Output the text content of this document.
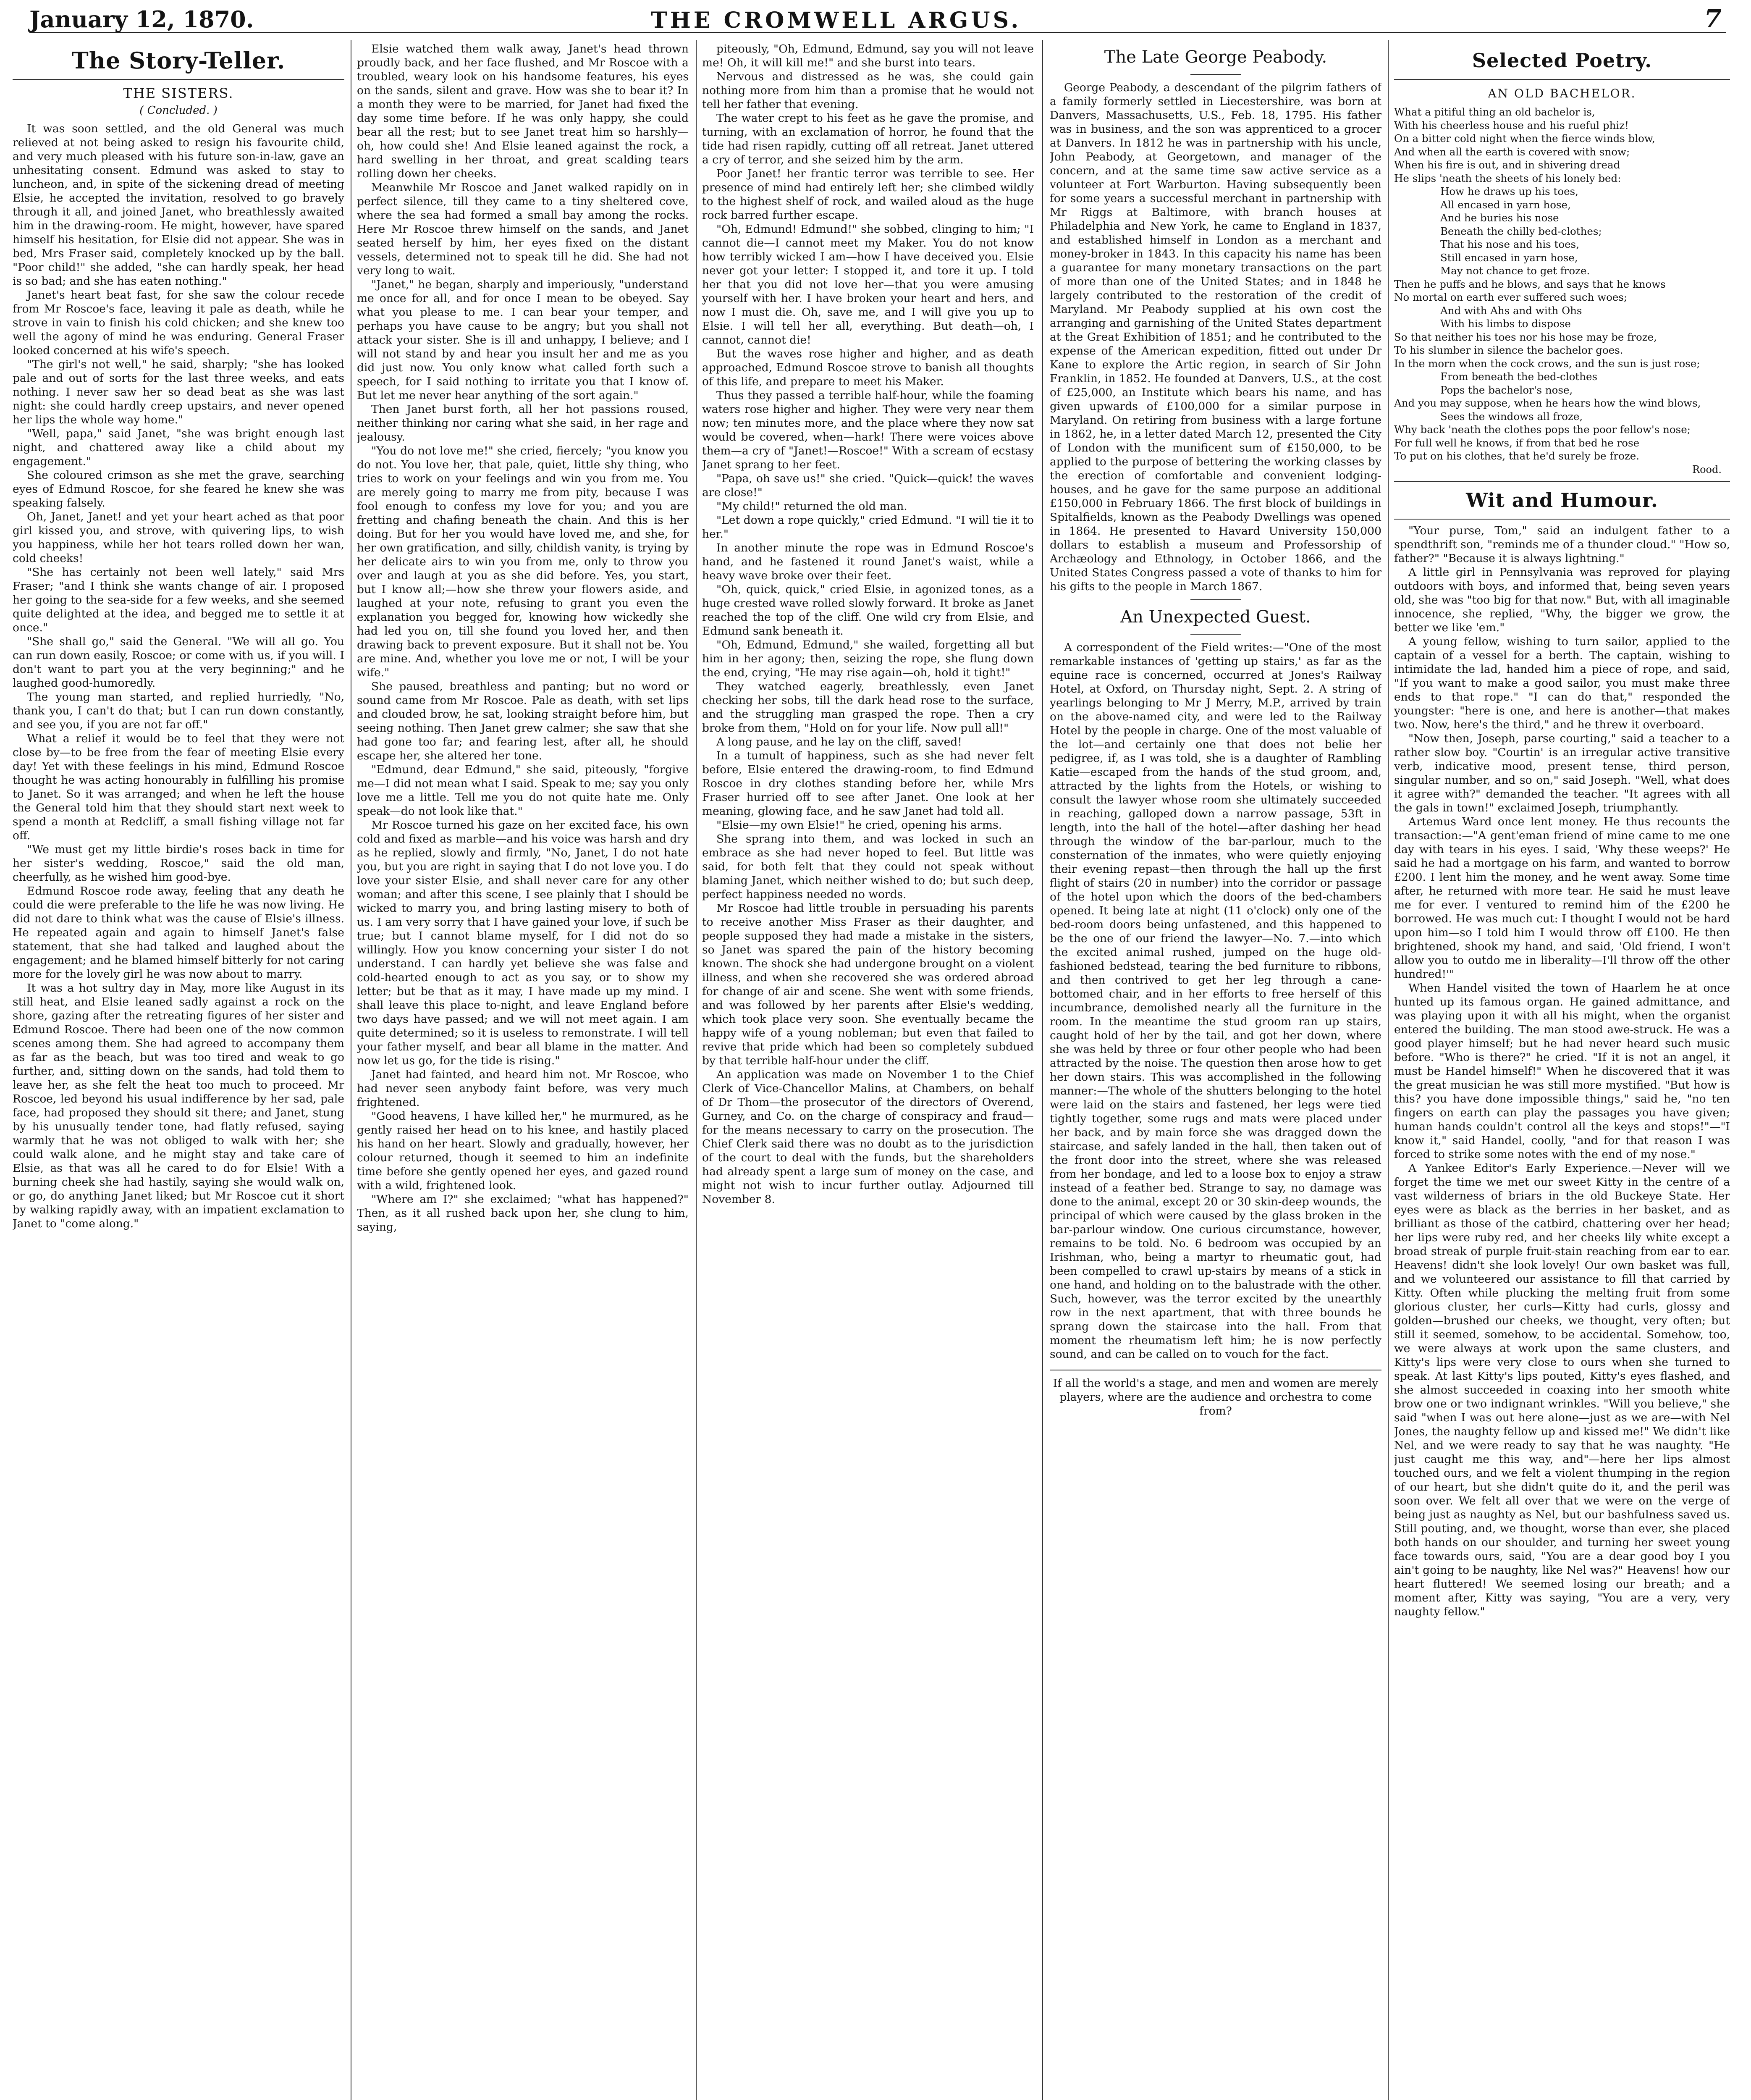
January 12, 1870.	THE CROMWELL ARGUS.	7
The Story-Teller.
THE SISTERS.
( Concluded. )

It was soon settled, and the old General was much relieved at not being asked to resign his favourite child, and very much pleased with his future son-in-law, gave an unhesitating consent. Edmund was asked to stay to luncheon, and, in spite of the sickening dread of meeting Elsie, he accepted the invitation, resolved to go bravely through it all, and joined Janet, who breathlessly awaited him in the drawing-room. He might, however, have spared himself his hesitation, for Elsie did not appear. She was in bed, Mrs Fraser said, completely knocked up by the ball. "Poor child!" she added, "she can hardly speak, her head is so bad; and she has eaten nothing."

Janet's heart beat fast, for she saw the colour recede from Mr Roscoe's face, leaving it pale as death, while he strove in vain to finish his cold chicken; and she knew too well the agony of mind he was enduring. General Fraser looked concerned at his wife's speech.

"The girl's not well," he said, sharply; "she has looked pale and out of sorts for the last three weeks, and eats nothing. I never saw her so dead beat as she was last night: she could hardly creep upstairs, and never opened her lips the whole way home."

"Well, papa," said Janet, "she was bright enough last night, and chattered away like a child about my engagement."

She coloured crimson as she met the grave, searching eyes of Edmund Roscoe, for she feared he knew she was speaking falsely.

Oh, Janet, Janet! and yet your heart ached as that poor girl kissed you, and strove, with quivering lips, to wish you happiness, while her hot tears rolled down her wan, cold cheeks!

"She has certainly not been well lately," said Mrs Fraser; "and I think she wants change of air. I proposed her going to the sea-side for a few weeks, and she seemed quite delighted at the idea, and begged me to settle it at once."

"She shall go," said the General. "We will all go. You can run down easily, Roscoe; or come with us, if you will. I don't want to part you at the very beginning;" and he laughed good-humoredly.

The young man started, and replied hurriedly, "No, thank you, I can't do that; but I can run down constantly, and see you, if you are not far off."

What a relief it would be to feel that they were not close by—to be free from the fear of meeting Elsie every day! Yet with these feelings in his mind, Edmund Roscoe thought he was acting honourably in fulfilling his promise to Janet. So it was arranged; and when he left the house the General told him that they should start next week to spend a month at Redcliff, a small fishing village not far off.

"We must get my little birdie's roses back in time for her sister's wedding, Roscoe," said the old man, cheerfully, as he wished him good-bye.

Edmund Roscoe rode away, feeling that any death he could die were preferable to the life he was now living. He did not dare to think what was the cause of Elsie's illness. He repeated again and again to himself Janet's false statement, that she had talked and laughed about the engagement; and he blamed himself bitterly for not caring more for the lovely girl he was now about to marry.

It was a hot sultry day in May, more like August in its still heat, and Elsie leaned sadly against a rock on the shore, gazing after the retreating figures of her sister and Edmund Roscoe. There had been one of the now common scenes among them. She had agreed to accompany them as far as the beach, but was too tired and weak to go further, and, sitting down on the sands, had told them to leave her, as she felt the heat too much to proceed. Mr Roscoe, led beyond his usual indifference by her sad, pale face, had proposed they should sit there; and Janet, stung by his unusually tender tone, had flatly refused, saying warmly that he was not obliged to walk with her; she could walk alone, and he might stay and take care of Elsie, as that was all he cared to do for Elsie! With a burning cheek she had hastily, saying she would walk on, or go, do anything Janet liked; but Mr Roscoe cut it short by walking rapidly away, with an impatient exclamation to Janet to "come along."

Elsie watched them walk away, Janet's head thrown proudly back, and her face flushed, and Mr Roscoe with a troubled, weary look on his handsome features, his eyes on the sands, silent and grave. How was she to bear it? In a month they were to be married, for Janet had fixed the day some time before. If he was only happy, she could bear all the rest; but to see Janet treat him so harshly—oh, how could she! And Elsie leaned against the rock, a hard swelling in her throat, and great scalding tears rolling down her cheeks.

Meanwhile Mr Roscoe and Janet walked rapidly on in perfect silence, till they came to a tiny sheltered cove, where the sea had formed a small bay among the rocks. Here Mr Roscoe threw himself on the sands, and Janet seated herself by him, her eyes fixed on the distant vessels, determined not to speak till he did. She had not very long to wait.

"Janet," he began, sharply and imperiously, "understand me once for all, and for once I mean to be obeyed. Say what you please to me. I can bear your temper, and perhaps you have cause to be angry; but you shall not attack your sister. She is ill and unhappy, I believe; and I will not stand by and hear you insult her and me as you did just now. You only know what called forth such a speech, for I said nothing to irritate you that I know of. But let me never hear anything of the sort again."

Then Janet burst forth, all her hot passions roused, neither thinking nor caring what she said, in her rage and jealousy.

"You do not love me!" she cried, fiercely; "you know you do not. You love her, that pale, quiet, little shy thing, who tries to work on your feelings and win you from me. You are merely going to marry me from pity, because I was fool enough to confess my love for you; and you are fretting and chafing beneath the chain. And this is her doing. But for her you would have loved me, and she, for her own gratification, and silly, childish vanity, is trying by her delicate airs to win you from me, only to throw you over and laugh at you as she did before. Yes, you start, but I know all;—how she threw your flowers aside, and laughed at your note, refusing to grant you even the explanation you begged for, knowing how wickedly she had led you on, till she found you loved her, and then drawing back to prevent exposure. But it shall not be. You are mine. And, whether you love me or not, I will be your wife."

She paused, breathless and panting; but no word or sound came from Mr Roscoe. Pale as death, with set lips and clouded brow, he sat, looking straight before him, but seeing nothing. Then Janet grew calmer; she saw that she had gone too far; and fearing lest, after all, he should escape her, she altered her tone.

"Edmund, dear Edmund," she said, piteously, "forgive me—I did not mean what I said. Speak to me; say you only love me a little. Tell me you do not quite hate me. Only speak—do not look like that."

Mr Roscoe turned his gaze on her excited face, his own cold and fixed as marble—and his voice was harsh and dry as he replied, slowly and firmly, "No, Janet, I do not hate you, but you are right in saying that I do not love you. I do love your sister Elsie, and shall never care for any other woman; and after this scene, I see plainly that I should be wicked to marry you, and bring lasting misery to both of us. I am very sorry that I have gained your love, if such be true; but I cannot blame myself, for I did not do so willingly. How you know concerning your sister I do not understand. I can hardly yet believe she was false and cold-hearted enough to act as you say, or to show my letter; but be that as it may, I have made up my mind. I shall leave this place to-night, and leave England before two days have passed; and we will not meet again. I am quite determined; so it is useless to remonstrate. I will tell your father myself, and bear all blame in the matter. And now let us go, for the tide is rising."

Janet had fainted, and heard him not. Mr Roscoe, who had never seen anybody faint before, was very much frightened.

"Good heavens, I have killed her," he murmured, as he gently raised her head on to his knee, and hastily placed his hand on her heart. Slowly and gradually, however, her colour returned, though it seemed to him an indefinite time before she gently opened her eyes, and gazed round with a wild, frightened look.

"Where am I?" she exclaimed; "what has happened?" Then, as it all rushed back upon her, she clung to him, saying,

piteously, "Oh, Edmund, Edmund, say you will not leave me! Oh, it will kill me!" and she burst into tears.

Nervous and distressed as he was, she could gain nothing more from him than a promise that he would not tell her father that evening.

The water crept to his feet as he gave the promise, and turning, with an exclamation of horror, he found that the tide had risen rapidly, cutting off all retreat. Janet uttered a cry of terror, and she seized him by the arm.

Poor Janet! her frantic terror was terrible to see. Her presence of mind had entirely left her; she climbed wildly to the highest shelf of rock, and wailed aloud as the huge rock barred further escape.

"Oh, Edmund! Edmund!" she sobbed, clinging to him; "I cannot die—I cannot meet my Maker. You do not know how terribly wicked I am—how I have deceived you. Elsie never got your letter: I stopped it, and tore it up. I told her that you did not love her—that you were amusing yourself with her. I have broken your heart and hers, and now I must die. Oh, save me, and I will give you up to Elsie. I will tell her all, everything. But death—oh, I cannot, cannot die!

But the waves rose higher and higher, and as death approached, Edmund Roscoe strove to banish all thoughts of this life, and prepare to meet his Maker.

Thus they passed a terrible half-hour, while the foaming waters rose higher and higher. They were very near them now; ten minutes more, and the place where they now sat would be covered, when—hark! There were voices above them—a cry of "Janet!—Roscoe!" With a scream of ecstasy Janet sprang to her feet.

"Papa, oh save us!" she cried. "Quick—quick! the waves are close!"

"My child!" returned the old man.

"Let down a rope quickly," cried Edmund. "I will tie it to her."

In another minute the rope was in Edmund Roscoe's hand, and he fastened it round Janet's waist, while a heavy wave broke over their feet.

"Oh, quick, quick," cried Elsie, in agonized tones, as a huge crested wave rolled slowly forward. It broke as Janet reached the top of the cliff. One wild cry from Elsie, and Edmund sank beneath it.

"Oh, Edmund, Edmund," she wailed, forgetting all but him in her agony; then, seizing the rope, she flung down the end, crying, "He may rise again—oh, hold it tight!"

They watched eagerly, breathlessly, even Janet checking her sobs, till the dark head rose to the surface, and the struggling man grasped the rope. Then a cry broke from them, "Hold on for your life. Now pull all!"

A long pause, and he lay on the cliff, saved!

In a tumult of happiness, such as she had never felt before, Elsie entered the drawing-room, to find Edmund Roscoe in dry clothes standing before her, while Mrs Fraser hurried off to see after Janet. One look at her meaning, glowing face, and he saw Janet had told all.

"Elsie—my own Elsie!" he cried, opening his arms.

She sprang into them, and was locked in such an embrace as she had never hoped to feel. But little was said, for both felt that they could not speak without blaming Janet, which neither wished to do; but such deep, perfect happiness needed no words.

Mr Roscoe had little trouble in persuading his parents to receive another Miss Fraser as their daughter, and people supposed they had made a mistake in the sisters, so Janet was spared the pain of the history becoming known. The shock she had undergone brought on a violent illness, and when she recovered she was ordered abroad for change of air and scene. She went with some friends, and was followed by her parents after Elsie's wedding, which took place very soon. She eventually became the happy wife of a young nobleman; but even that failed to revive that pride which had been so completely subdued by that terrible half-hour under the cliff.

An application was made on November 1 to the Chief Clerk of Vice-Chancellor Malins, at Chambers, on behalf of Dr Thom—the prosecutor of the directors of Overend, Gurney, and Co. on the charge of conspiracy and fraud—for the means necessary to carry on the prosecution. The Chief Clerk said there was no doubt as to the jurisdiction of the court to deal with the funds, but the shareholders had already spent a large sum of money on the case, and might not wish to incur further outlay. Adjourned till November 8.

The Late George Peabody.

George Peabody, a descendant of the pilgrim fathers of a family formerly settled in Liecestershire, was born at Danvers, Massachusetts, U.S., Feb. 18, 1795. His father was in business, and the son was apprenticed to a grocer at Danvers. In 1812 he was in partnership with his uncle, John Peabody, at Georgetown, and manager of the concern, and at the same time saw active service as a volunteer at Fort Warburton. Having subsequently been for some years a successful merchant in partnership with Mr Riggs at Baltimore, with branch houses at Philadelphia and New York, he came to England in 1837, and established himself in London as a merchant and money-broker in 1843. In this capacity his name has been a guarantee for many monetary transactions on the part of more than one of the United States; and in 1848 he largely contributed to the restoration of the credit of Maryland. Mr Peabody supplied at his own cost the arranging and garnishing of the United States department at the Great Exhibition of 1851; and he contributed to the expense of the American expedition, fitted out under Dr Kane to explore the Artic region, in search of Sir John Franklin, in 1852. He founded at Danvers, U.S., at the cost of £25,000, an Institute which bears his name, and has given upwards of £100,000 for a similar purpose in Maryland. On retiring from business with a large fortune in 1862, he, in a letter dated March 12, presented the City of London with the munificent sum of £150,000, to be applied to the purpose of bettering the working classes by the erection of comfortable and convenient lodging-houses, and he gave for the same purpose an additional £150,000 in February 1866. The first block of buildings in Spitalfields, known as the Peabody Dwellings was opened in 1864. He presented to Havard University 150,000 dollars to establish a museum and Professorship of Archæology and Ethnology, in October 1866, and the United States Congress passed a vote of thanks to him for his gifts to the people in March 1867.

An Unexpected Guest.

A correspondent of the Field writes:—"One of the most remarkable instances of 'getting up stairs,' as far as the equine race is concerned, occurred at Jones's Railway Hotel, at Oxford, on Thursday night, Sept. 2. A string of yearlings belonging to Mr J Merry, M.P., arrived by train on the above-named city, and were led to the Railway Hotel by the people in charge. One of the most valuable of the lot—and certainly one that does not belie her pedigree, if, as I was told, she is a daughter of Rambling Katie—escaped from the hands of the stud groom, and, attracted by the lights from the Hotels, or wishing to consult the lawyer whose room she ultimately succeeded in reaching, galloped down a narrow passage, 53ft in length, into the hall of the hotel—after dashing her head through the window of the bar-parlour, much to the consternation of the inmates, who were quietly enjoying their evening repast—then through the hall up the first flight of stairs (20 in number) into the corridor or passage of the hotel upon which the doors of the bed-chambers opened. It being late at night (11 o'clock) only one of the bed-room doors being unfastened, and this happened to be the one of our friend the lawyer—No. 7.—into which the excited animal rushed, jumped on the huge old-fashioned bedstead, tearing the bed furniture to ribbons, and then contrived to get her leg through a cane-bottomed chair, and in her efforts to free herself of this incumbrance, demolished nearly all the furniture in the room. In the meantime the stud groom ran up stairs, caught hold of her by the tail, and got her down, where she was held by three or four other people who had been attracted by the noise. The question then arose how to get her down stairs. This was accomplished in the following manner:—The whole of the shutters belonging to the hotel were laid on the stairs and fastened, her legs were tied tightly together, some rugs and mats were placed under her back, and by main force she was dragged down the staircase, and safely landed in the hall, then taken out of the front door into the street, where she was released from her bondage, and led to a loose box to enjoy a straw instead of a feather bed. Strange to say, no damage was done to the animal, except 20 or 30 skin-deep wounds, the principal of which were caused by the glass broken in the bar-parlour window. One curious circumstance, however, remains to be told. No. 6 bedroom was occupied by an Irishman, who, being a martyr to rheumatic gout, had been compelled to crawl up-stairs by means of a stick in one hand, and holding on to the balustrade with the other. Such, however, was the terror excited by the unearthly row in the next apartment, that with three bounds he sprang down the staircase into the hall. From that moment the rheumatism left him; he is now perfectly sound, and can be called on to vouch for the fact.

If all the world's a stage, and men and women are merely players, where are the audience and orchestra to come from?
Selected Poetry.
AN OLD BACHELOR.
What a pitiful thing an old bachelor is,
With his cheerless house and his rueful phiz!
On a bitter cold night when the fierce winds blow,
And when all the earth is covered with snow;
When his fire is out, and in shivering dread
He slips 'neath the sheets of his lonely bed:
How he draws up his toes,
All encased in yarn hose,
And he buries his nose
Beneath the chilly bed-clothes;
That his nose and his toes,
Still encased in yarn hose,
May not chance to get froze.
Then he puffs and he blows, and says that he knows
No mortal on earth ever suffered such woes;
And with Ahs and with Ohs
With his limbs to dispose
So that neither his toes nor his hose may be froze,
To his slumber in silence the bachelor goes.
In the morn when the cock crows, and the sun is just rose;
From beneath the bed-clothes
Pops the bachelor's nose,
And you may suppose, when he hears how the wind blows,
Sees the windows all froze,
Why back 'neath the clothes pops the poor fellow's nose;
For full well he knows, if from that bed he rose
To put on his clothes, that he'd surely be froze.
Rood.
Wit and Humour.

"Your purse, Tom," said an indulgent father to a spendthrift son, "reminds me of a thunder cloud." "How so, father?" "Because it is always lightning."

A little girl in Pennsylvania was reproved for playing outdoors with boys, and informed that, being seven years old, she was "too big for that now." But, with all imaginable innocence, she replied, "Why, the bigger we grow, the better we like 'em."

A young fellow, wishing to turn sailor, applied to the captain of a vessel for a berth. The captain, wishing to intimidate the lad, handed him a piece of rope, and said, "If you want to make a good sailor, you must make three ends to that rope." "I can do that," responded the youngster: "here is one, and here is another—that makes two. Now, here's the third," and he threw it overboard.

"Now then, Joseph, parse courting," said a teacher to a rather slow boy. "Courtin' is an irregular active transitive verb, indicative mood, present tense, third person, singular number, and so on," said Joseph. "Well, what does it agree with?" demanded the teacher. "It agrees with all the gals in town!" exclaimed Joseph, triumphantly.

Artemus Ward once lent money. He thus recounts the transaction:—"A gent'eman friend of mine came to me one day with tears in his eyes. I said, 'Why these weeps?' He said he had a mortgage on his farm, and wanted to borrow £200. I lent him the money, and he went away. Some time after, he returned with more tear. He said he must leave me for ever. I ventured to remind him of the £200 he borrowed. He was much cut: I thought I would not be hard upon him—so I told him I would throw off £100. He then brightened, shook my hand, and said, 'Old friend, I won't allow you to outdo me in liberality—I'll throw off the other hundred!'"

When Handel visited the town of Haarlem he at once hunted up its famous organ. He gained admittance, and was playing upon it with all his might, when the organist entered the building. The man stood awe-struck. He was a good player himself; but he had never heard such music before. "Who is there?" he cried. "If it is not an angel, it must be Handel himself!" When he discovered that it was the great musician he was still more mystified. "But how is this? you have done impossible things," said he, "no ten fingers on earth can play the passages you have given; human hands couldn't control all the keys and stops!"—"I know it," said Handel, coolly, "and for that reason I was forced to strike some notes with the end of my nose."

A Yankee Editor's Early Experience.—Never will we forget the time we met our sweet Kitty in the centre of a vast wilderness of briars in the old Buckeye State. Her eyes were as black as the berries in her basket, and as brilliant as those of the catbird, chattering over her head; her lips were ruby red, and her cheeks lily white except a broad streak of purple fruit-stain reaching from ear to ear. Heavens! didn't she look lovely! Our own basket was full, and we volunteered our assistance to fill that carried by Kitty. Often while plucking the melting fruit from some glorious cluster, her curls—Kitty had curls, glossy and golden—brushed our cheeks, we thought, very often; but still it seemed, somehow, to be accidental. Somehow, too, we were always at work upon the same clusters, and Kitty's lips were very close to ours when she turned to speak. At last Kitty's lips pouted, Kitty's eyes flashed, and she almost succeeded in coaxing into her smooth white brow one or two indignant wrinkles. "Will you believe," she said "when I was out here alone—just as we are—with Nel Jones, the naughty fellow up and kissed me!" We didn't like Nel, and we were ready to say that he was naughty. "He just caught me this way, and"—here her lips almost touched ours, and we felt a violent thumping in the region of our heart, but she didn't quite do it, and the peril was soon over. We felt all over that we were on the verge of being just as naughty as Nel, but our bashfulness saved us. Still pouting, and, we thought, worse than ever, she placed both hands on our shoulder, and turning her sweet young face towards ours, said, "You are a dear good boy I you ain't going to be naughty, like Nel was?" Heavens! how our heart fluttered! We seemed losing our breath; and a moment after, Kitty was saying, "You are a very, very naughty fellow."
